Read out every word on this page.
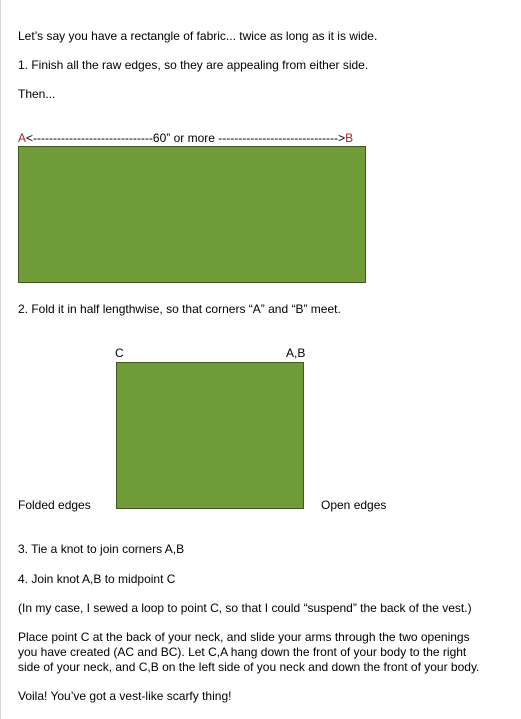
Let’s say you have a rectangle of fabric... twice as long as it is wide.
1. Finish all the raw edges, so they are appealing from either side.
Then...
A<------------------------------60” or more ------------------------------>B
2. Fold it in half lengthwise, so that corners “A” and “B” meet.
C	A,B
Folded edges	Open edges
3. Tie a knot to join corners A,B
4. Join knot A,B to midpoint C
(In my case, I sewed a loop to point C, so that I could “suspend” the back of the vest.)
Place point C at the back of your neck, and slide your arms through the two openings
you have created (AC and BC). Let C,A hang down the front of your body to the right
side of your neck, and C,B on the left side of you neck and down the front of your body.
Voila! You’ve got a vest-like scarfy thing!
